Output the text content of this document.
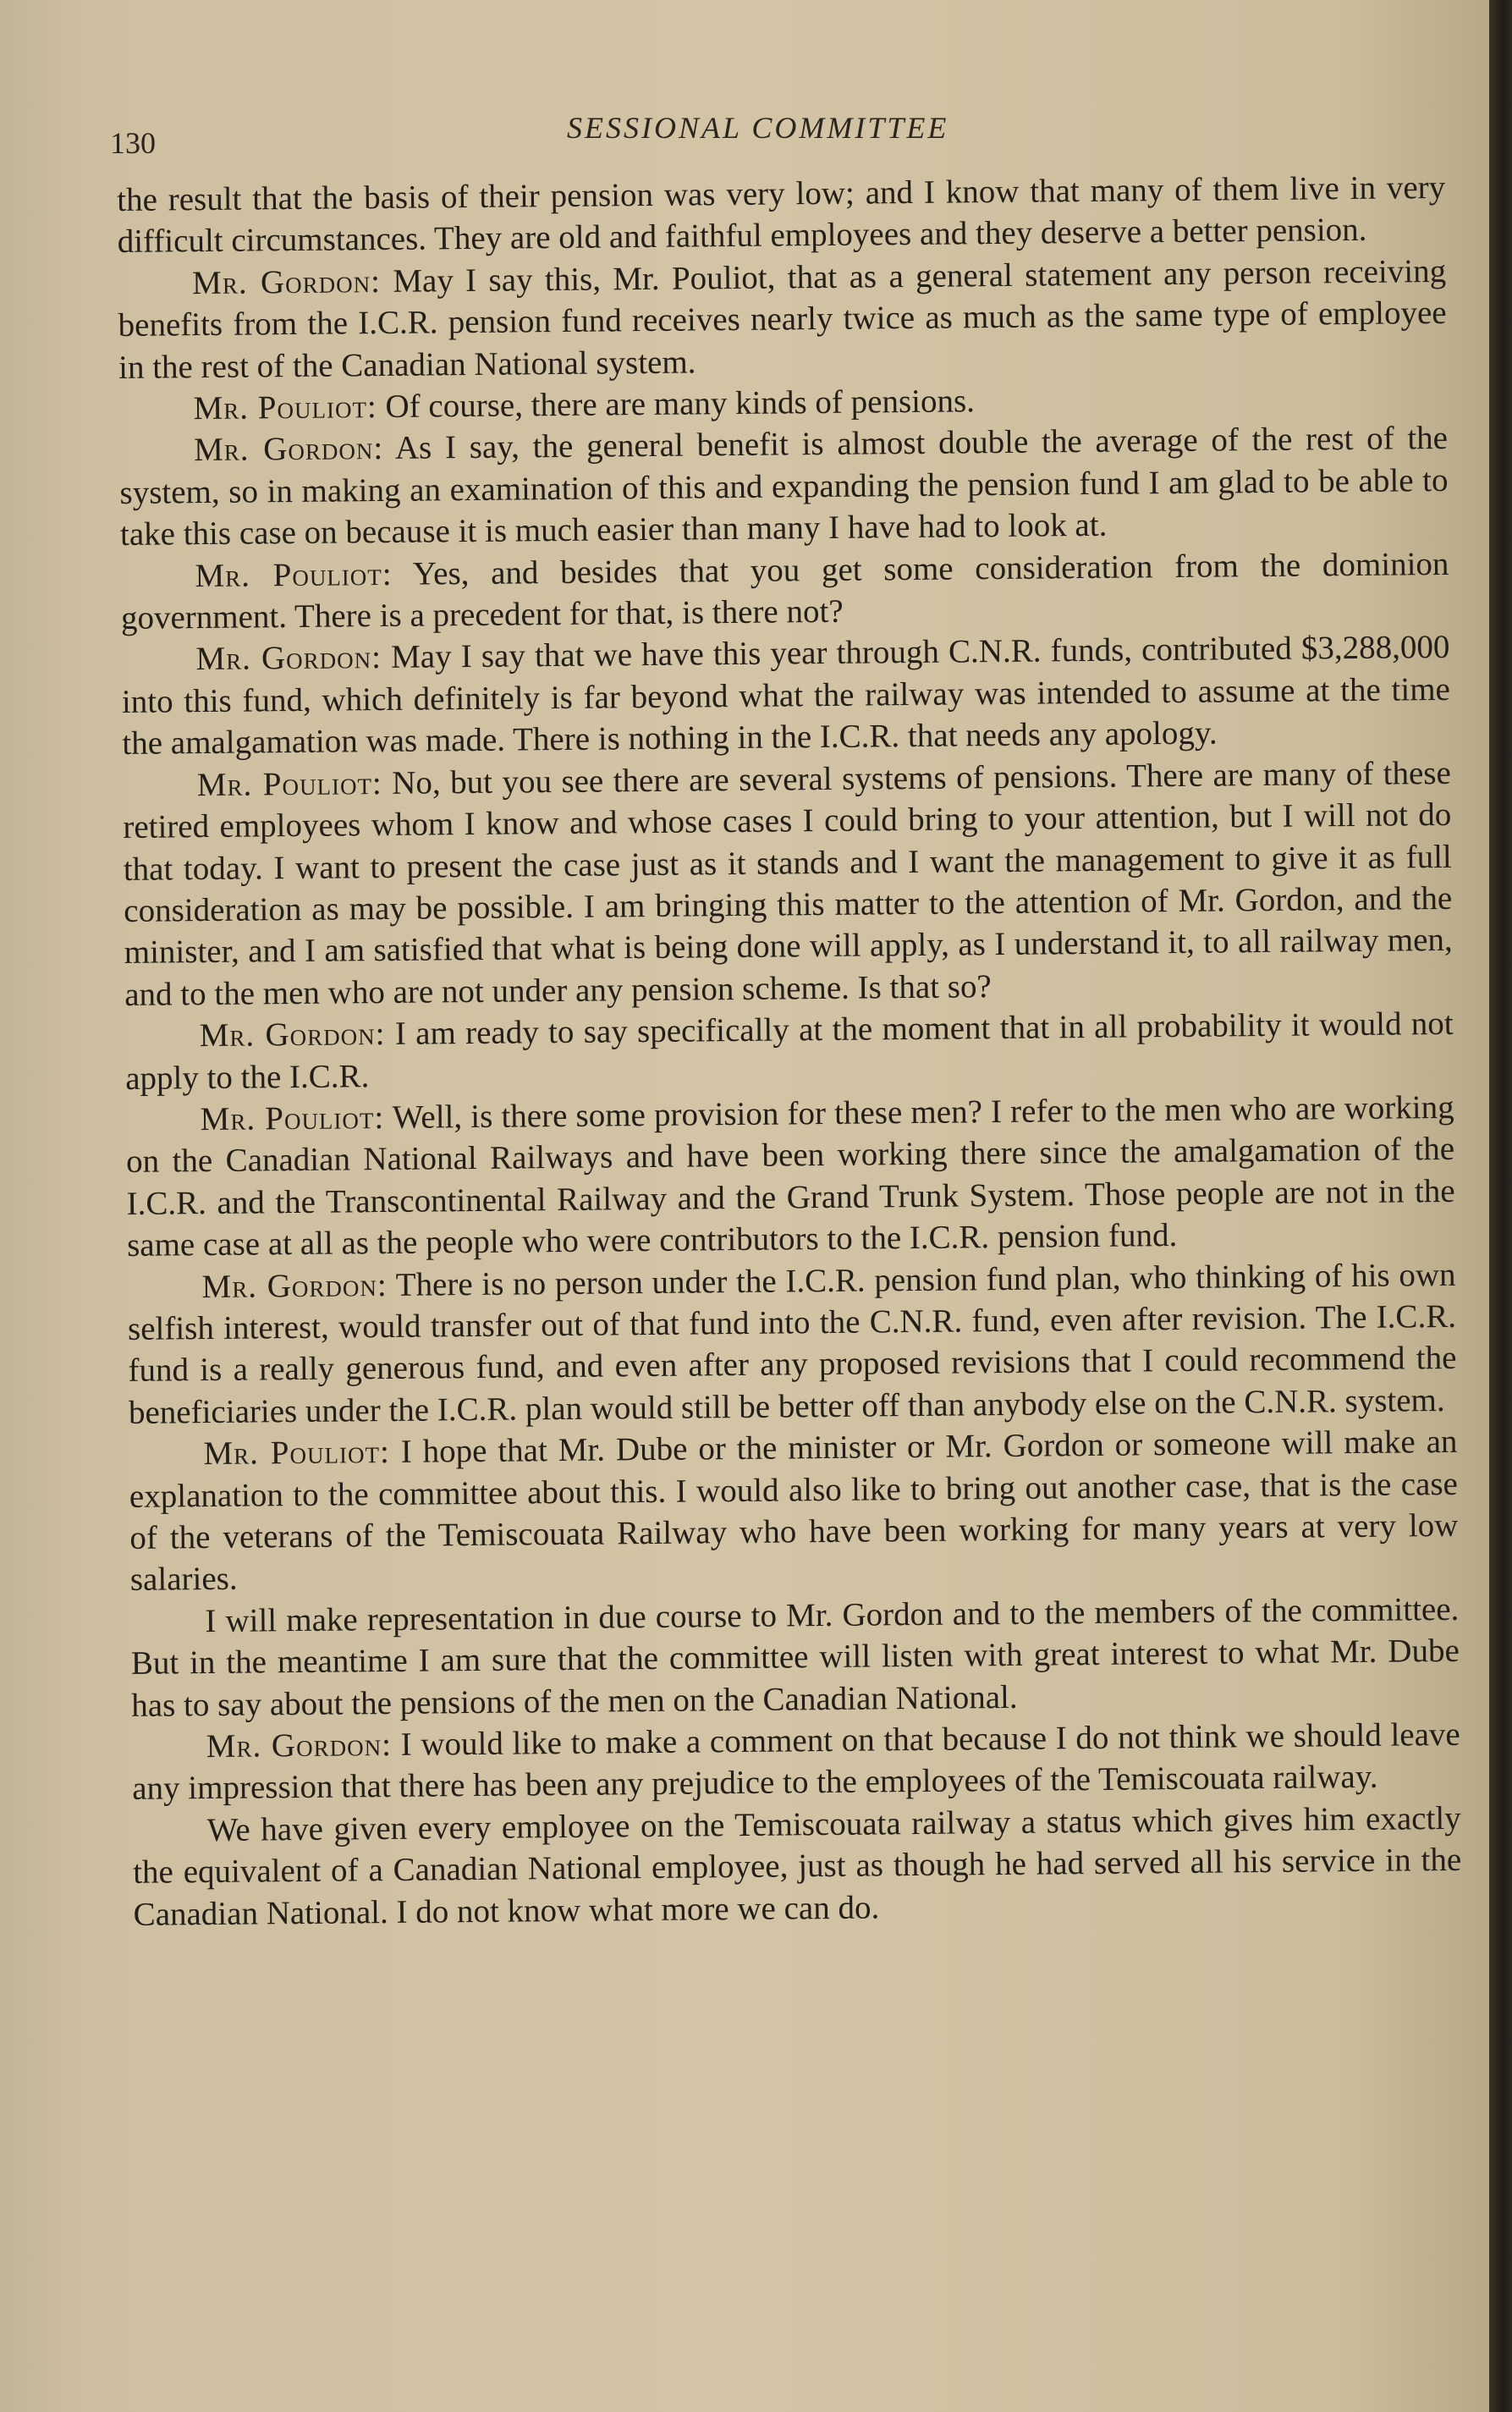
130	SESSIONAL COMMITTEE

the result that the basis of their pension was very low; and I know that many of them live in very difficult circumstances. They are old and faithful employees and they deserve a better pension.

Mr. Gordon: May I say this, Mr. Pouliot, that as a general statement any person receiving benefits from the I.C.R. pension fund receives nearly twice as much as the same type of employee in the rest of the Canadian National system.

Mr. Pouliot: Of course, there are many kinds of pensions.

Mr. Gordon: As I say, the general benefit is almost double the average of the rest of the system, so in making an examination of this and expanding the pension fund I am glad to be able to take this case on because it is much easier than many I have had to look at.

Mr. Pouliot: Yes, and besides that you get some consideration from the dominion government. There is a precedent for that, is there not?

Mr. Gordon: May I say that we have this year through C.N.R. funds, contributed $3,288,000 into this fund, which definitely is far beyond what the railway was intended to assume at the time the amalgamation was made. There is nothing in the I.C.R. that needs any apology.

Mr. Pouliot: No, but you see there are several systems of pensions. There are many of these retired employees whom I know and whose cases I could bring to your attention, but I will not do that today. I want to present the case just as it stands and I want the management to give it as full consideration as may be possible. I am bringing this matter to the attention of Mr. Gordon, and the minister, and I am satisfied that what is being done will apply, as I understand it, to all railway men, and to the men who are not under any pension scheme. Is that so?

Mr. Gordon: I am ready to say specifically at the moment that in all probability it would not apply to the I.C.R.

Mr. Pouliot: Well, is there some provision for these men? I refer to the men who are working on the Canadian National Railways and have been working there since the amalgamation of the I.C.R. and the Transcontinental Railway and the Grand Trunk System. Those people are not in the same case at all as the people who were contributors to the I.C.R. pension fund.

Mr. Gordon: There is no person under the I.C.R. pension fund plan, who thinking of his own selfish interest, would transfer out of that fund into the C.N.R. fund, even after revision. The I.C.R. fund is a really generous fund, and even after any proposed revisions that I could recommend the beneficiaries under the I.C.R. plan would still be better off than anybody else on the C.N.R. system.

Mr. Pouliot: I hope that Mr. Dube or the minister or Mr. Gordon or someone will make an explanation to the committee about this. I would also like to bring out another case, that is the case of the veterans of the Temiscouata Railway who have been working for many years at very low salaries.

I will make representation in due course to Mr. Gordon and to the members of the committee. But in the meantime I am sure that the committee will listen with great interest to what Mr. Dube has to say about the pensions of the men on the Canadian National.

Mr. Gordon: I would like to make a comment on that because I do not think we should leave any impression that there has been any prejudice to the employees of the Temiscouata railway.

We have given every employee on the Temiscouata railway a status which gives him exactly the equivalent of a Canadian National employee, just as though he had served all his service in the Canadian National. I do not know what more we can do.
